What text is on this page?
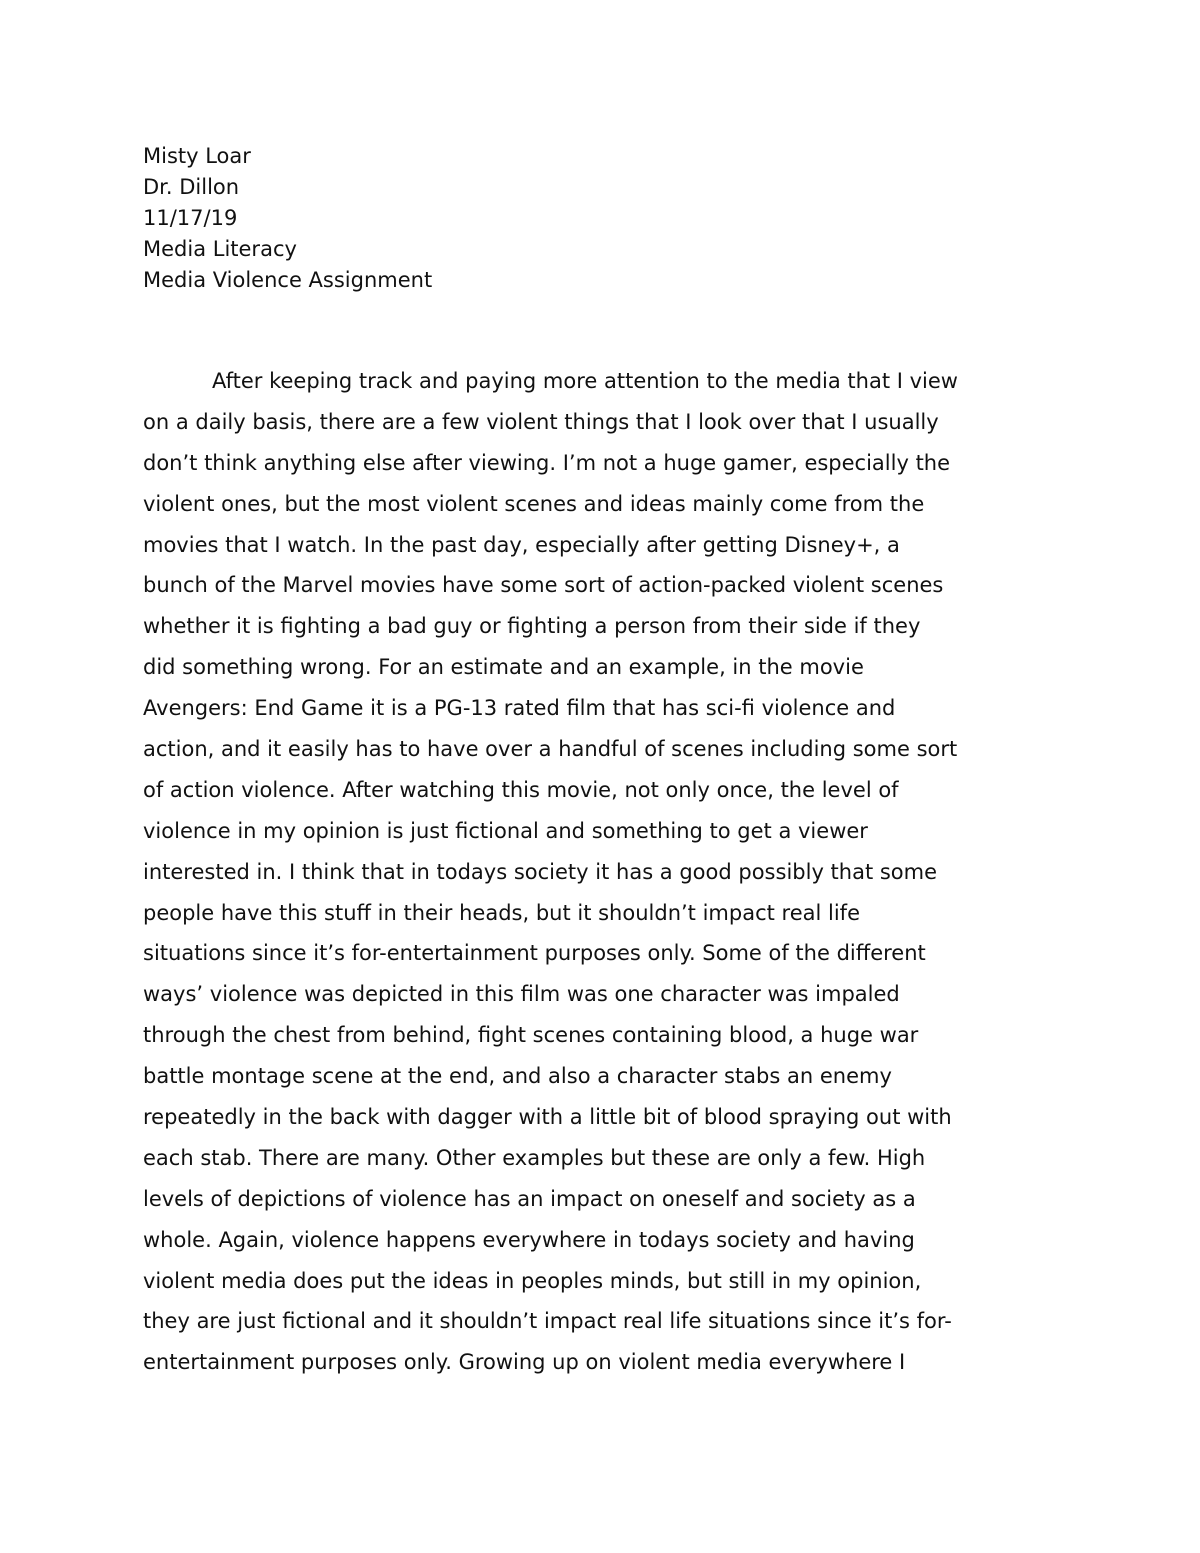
Misty Loar
Dr. Dillon
11/17/19
Media Literacy
Media Violence Assignment
After keeping track and paying more attention to the media that I view
on a daily basis, there are a few violent things that I look over that I usually
don’t think anything else after viewing. I’m not a huge gamer, especially the
violent ones, but the most violent scenes and ideas mainly come from the
movies that I watch. In the past day, especially after getting Disney+, a
bunch of the Marvel movies have some sort of action-packed violent scenes
whether it is fighting a bad guy or fighting a person from their side if they
did something wrong. For an estimate and an example, in the movie
Avengers: End Game it is a PG-13 rated film that has sci-fi violence and
action, and it easily has to have over a handful of scenes including some sort
of action violence. After watching this movie, not only once, the level of
violence in my opinion is just fictional and something to get a viewer
interested in. I think that in todays society it has a good possibly that some
people have this stuff in their heads, but it shouldn’t impact real life
situations since it’s for-entertainment purposes only. Some of the different
ways’ violence was depicted in this film was one character was impaled
through the chest from behind, fight scenes containing blood, a huge war
battle montage scene at the end, and also a character stabs an enemy
repeatedly in the back with dagger with a little bit of blood spraying out with
each stab. There are many. Other examples but these are only a few. High
levels of depictions of violence has an impact on oneself and society as a
whole. Again, violence happens everywhere in todays society and having
violent media does put the ideas in peoples minds, but still in my opinion,
they are just fictional and it shouldn’t impact real life situations since it’s for-
entertainment purposes only. Growing up on violent media everywhere I
